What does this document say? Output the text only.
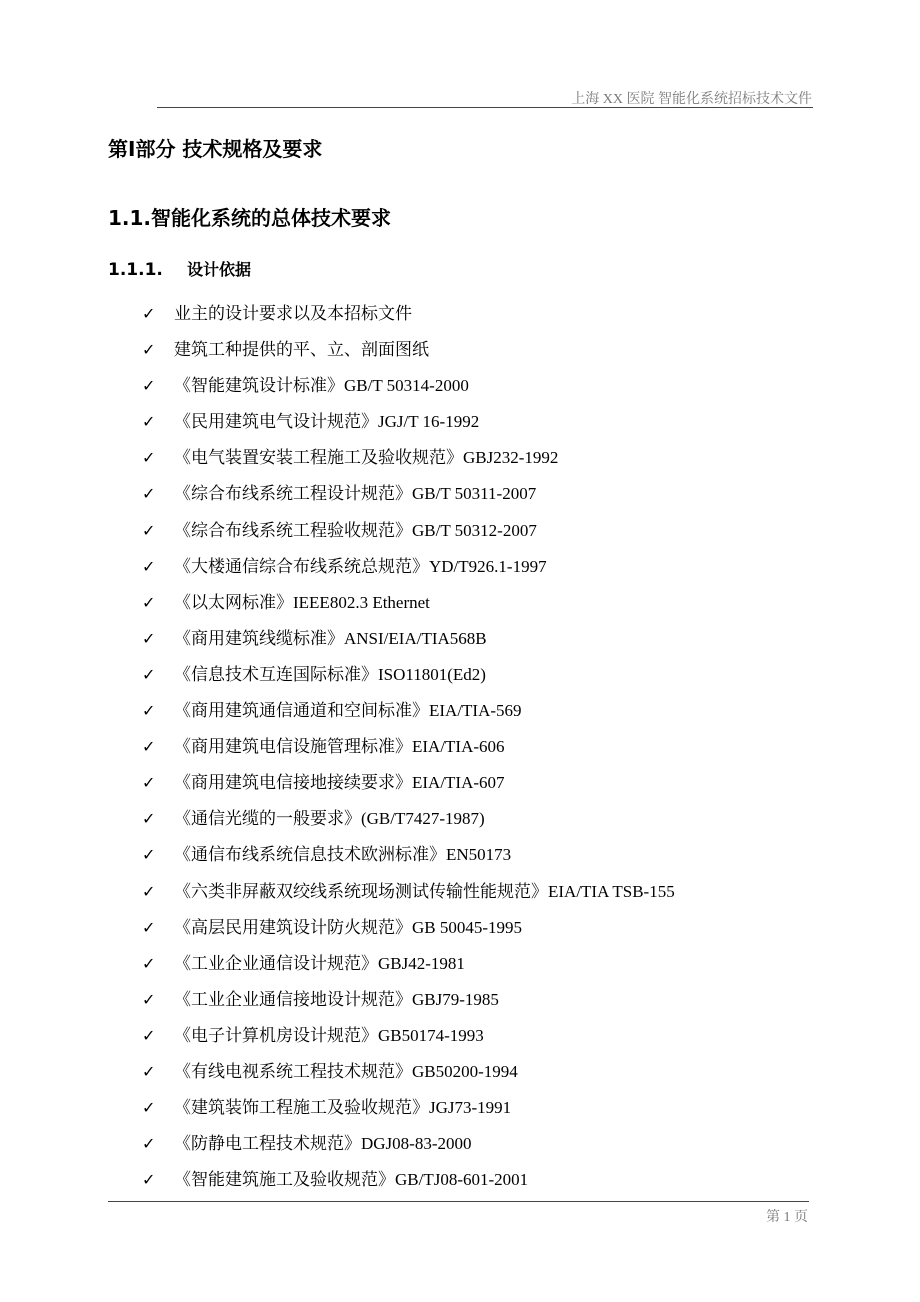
上海 XX 医院 智能化系统招标技术文件
第I部分 技术规格及要求
1.1.智能化系统的总体技术要求
1.1.1. 设计依据
✓	业主的设计要求以及本招标文件
✓	建筑工种提供的平、立、剖面图纸
✓	《智能建筑设计标准》GB/T 50314-2000
✓	《民用建筑电气设计规范》JGJ/T 16-1992
✓	《电气装置安装工程施工及验收规范》GBJ232-1992
✓	《综合布线系统工程设计规范》GB/T 50311-2007
✓	《综合布线系统工程验收规范》GB/T 50312-2007
✓	《大楼通信综合布线系统总规范》YD/T926.1-1997
✓	《以太网标准》IEEE802.3 Ethernet
✓	《商用建筑线缆标准》ANSI/EIA/TIA568B
✓	《信息技术互连国际标准》ISO11801(Ed2)
✓	《商用建筑通信通道和空间标准》EIA/TIA-569
✓	《商用建筑电信设施管理标准》EIA/TIA-606
✓	《商用建筑电信接地接续要求》EIA/TIA-607
✓	《通信光缆的一般要求》(GB/T7427-1987)
✓	《通信布线系统信息技术欧洲标准》EN50173
✓	《六类非屏蔽双绞线系统现场测试传输性能规范》EIA/TIA TSB-155
✓	《高层民用建筑设计防火规范》GB 50045-1995
✓	《工业企业通信设计规范》GBJ42-1981
✓	《工业企业通信接地设计规范》GBJ79-1985
✓	《电子计算机房设计规范》GB50174-1993
✓	《有线电视系统工程技术规范》GB50200-1994
✓	《建筑装饰工程施工及验收规范》JGJ73-1991
✓	《防静电工程技术规范》DGJ08-83-2000
✓	《智能建筑施工及验收规范》GB/TJ08-601-2001
第 1 页
